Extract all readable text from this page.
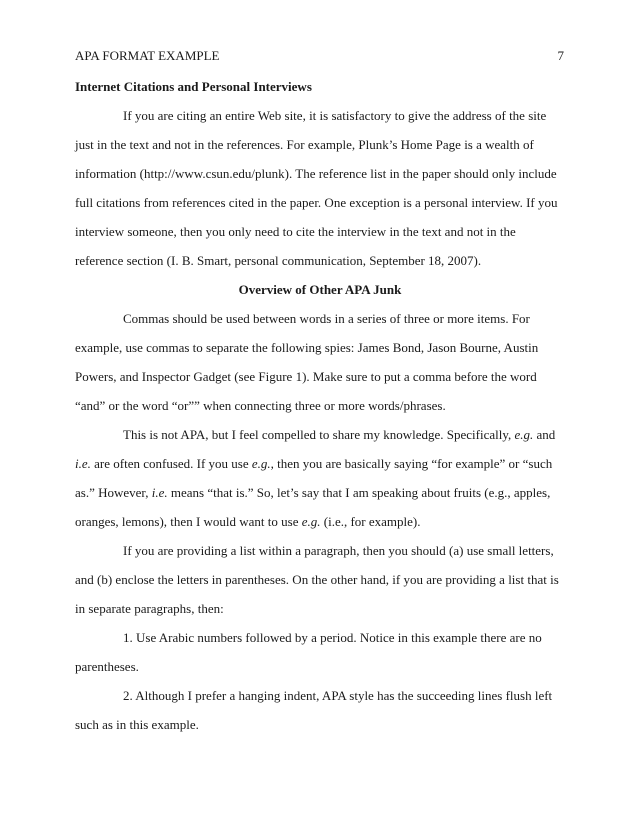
APA FORMAT EXAMPLE	7
Internet Citations and Personal Interviews

If you are citing an entire Web site, it is satisfactory to give the address of the site just in the text and not in the references. For example, Plunk’s Home Page is a wealth of information (http://www.csun.edu/plunk). The reference list in the paper should only include full citations from references cited in the paper. One exception is a personal interview. If you interview someone, then you only need to cite the interview in the text and not in the reference section (I. B. Smart, personal communication, September 18, 2007).

Overview of Other APA Junk

Commas should be used between words in a series of three or more items. For example, use commas to separate the following spies: James Bond, Jason Bourne, Austin Powers, and Inspector Gadget (see Figure 1). Make sure to put a comma before the word “and” or the word “or”” when connecting three or more words/phrases.

This is not APA, but I feel compelled to share my knowledge. Specifically, e.g. and i.e. are often confused. If you use e.g., then you are basically saying “for example” or “such as.” However, i.e. means “that is.” So, let’s say that I am speaking about fruits (e.g., apples, oranges, lemons), then I would want to use e.g. (i.e., for example).

If you are providing a list within a paragraph, then you should (a) use small letters, and (b) enclose the letters in parentheses. On the other hand, if you are providing a list that is in separate paragraphs, then:

1. Use Arabic numbers followed by a period. Notice in this example there are no parentheses.

2. Although I prefer a hanging indent, APA style has the succeeding lines flush left such as in this example.
